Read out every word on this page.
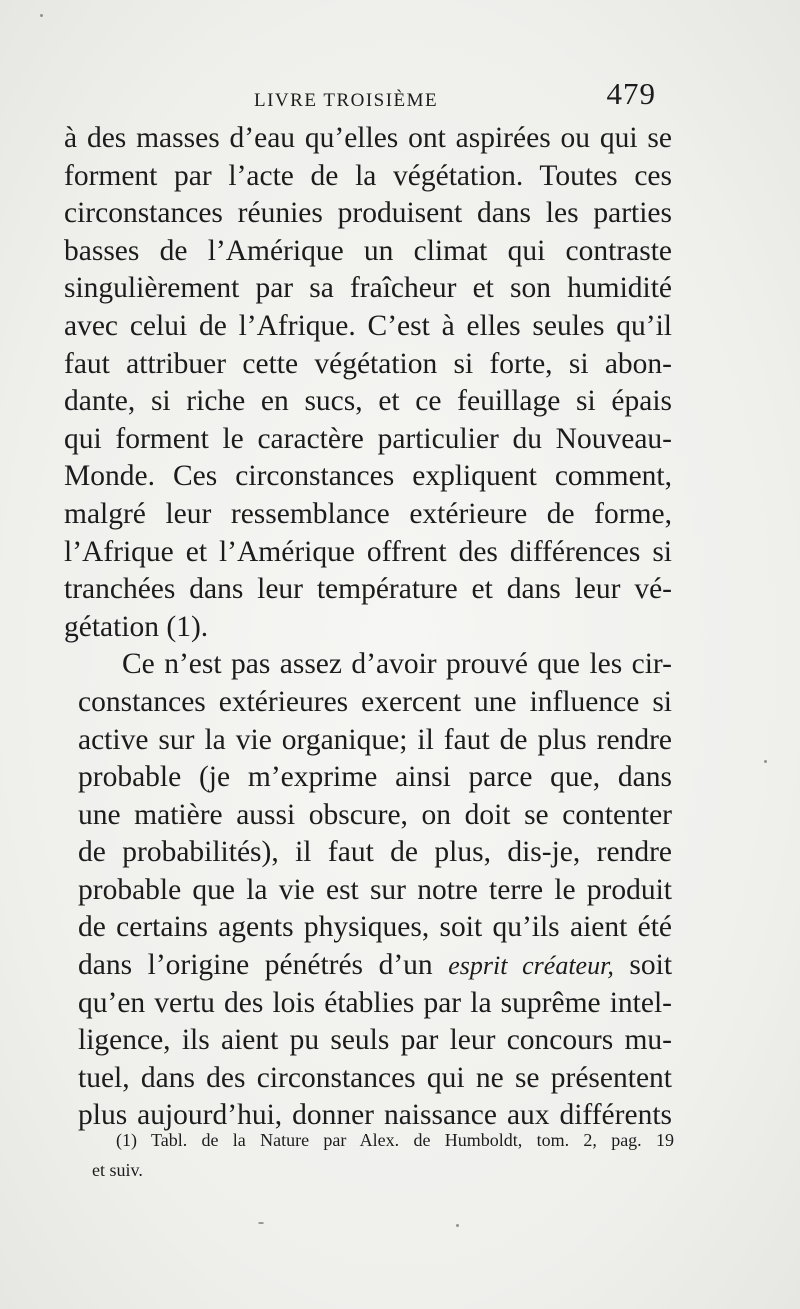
LIVRE TROISIÈME	479
à des masses d’eau qu’elles ont aspirées ou qui se
forment par l’acte de la végétation. Toutes ces
circonstances réunies produisent dans les parties
basses de l’Amérique un climat qui contraste
singulièrement par sa fraîcheur et son humidité
avec celui de l’Afrique. C’est à elles seules qu’il
faut attribuer cette végétation si forte, si abon-
dante, si riche en sucs, et ce feuillage si épais
qui forment le caractère particulier du Nouveau-
Monde. Ces circonstances expliquent comment,
malgré leur ressemblance extérieure de forme,
l’Afrique et l’Amérique offrent des différences si
tranchées dans leur température et dans leur vé-
gétation (1).
Ce n’est pas assez d’avoir prouvé que les cir-
constances extérieures exercent une influence si
active sur la vie organique; il faut de plus rendre
probable (je m’exprime ainsi parce que, dans
une matière aussi obscure, on doit se contenter
de probabilités), il faut de plus, dis-je, rendre
probable que la vie est sur notre terre le produit
de certains agents physiques, soit qu’ils aient été
dans l’origine pénétrés d’un esprit créateur, soit
qu’en vertu des lois établies par la suprême intel-
ligence, ils aient pu seuls par leur concours mu-
tuel, dans des circonstances qui ne se présentent
plus aujourd’hui, donner naissance aux différents
(1) Tabl. de la Nature par Alex. de Humboldt, tom. 2, pag. 19
et suiv.
